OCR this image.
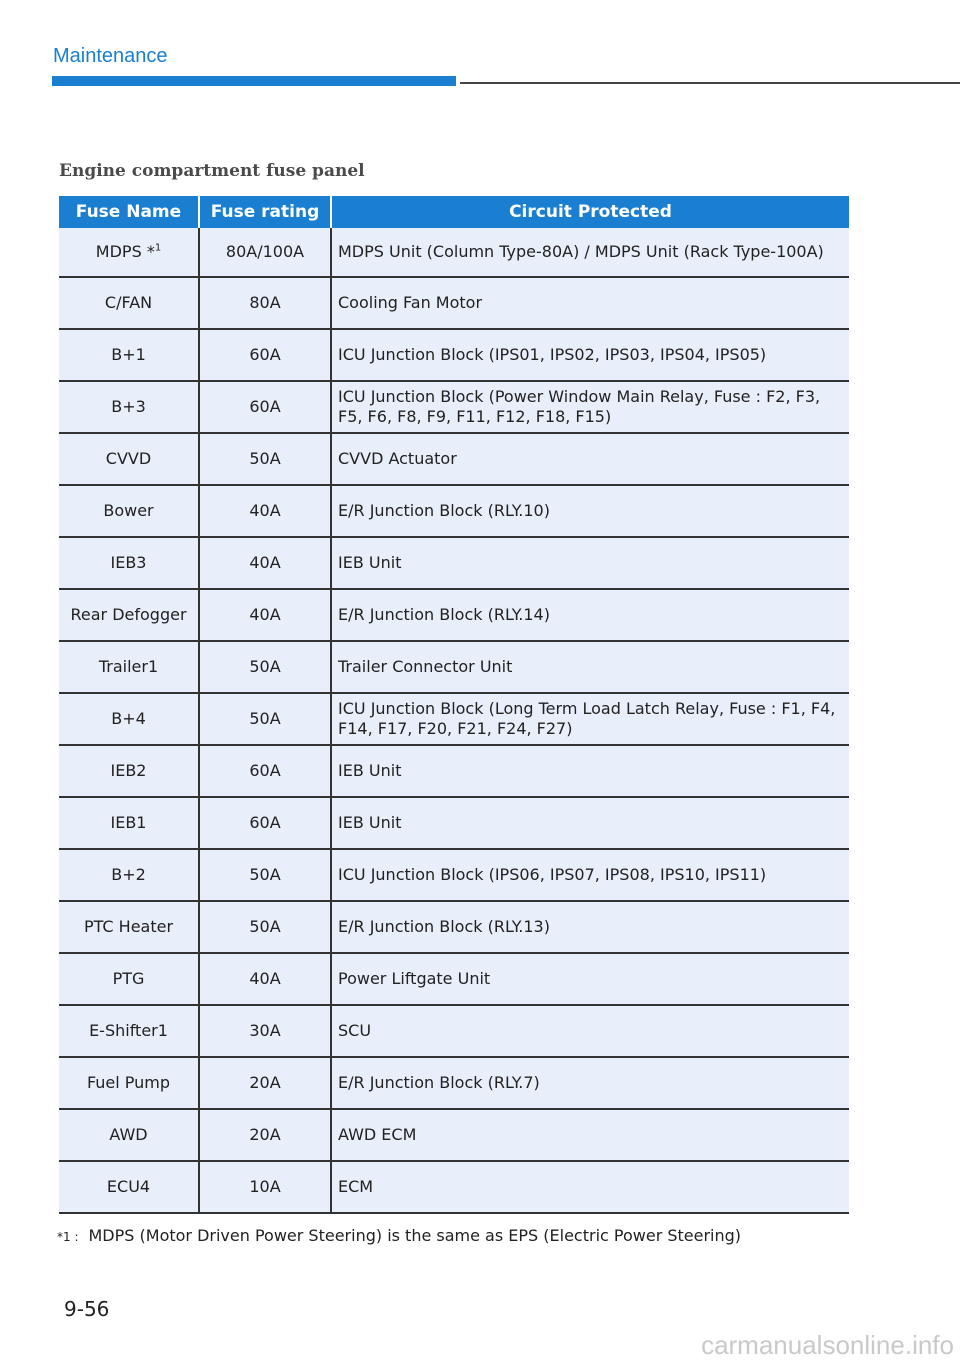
Maintenance
Engine compartment fuse panel
Fuse Name	Fuse rating	Circuit Protected
MDPS *$^1$	80A/100A	MDPS Unit (Column Type-80A) / MDPS Unit (Rack Type-100A)
C/FAN	80A	Cooling Fan Motor
B+1	60A	ICU Junction Block (IPS01, IPS02, IPS03, IPS04, IPS05)
B+3	60A	ICU Junction Block (Power Window Main Relay, Fuse : F2, F3, F5, F6, F8, F9, F11, F12, F18, F15)
CVVD	50A	CVVD Actuator
Bower	40A	E/R Junction Block (RLY.10)
IEB3	40A	IEB Unit
Rear Defogger	40A	E/R Junction Block (RLY.14)
Trailer1	50A	Trailer Connector Unit
B+4	50A	ICU Junction Block (Long Term Load Latch Relay, Fuse : F1, F4, F14, F17, F20, F21, F24, F27)
IEB2	60A	IEB Unit
IEB1	60A	IEB Unit
B+2	50A	ICU Junction Block (IPS06, IPS07, IPS08, IPS10, IPS11)
PTC Heater	50A	E/R Junction Block (RLY.13)
PTG	40A	Power Liftgate Unit
E-Shifter1	30A	SCU
Fuel Pump	20A	E/R Junction Block (RLY.7)
AWD	20A	AWD ECM
ECU4	10A	ECM
*1 : MDPS (Motor Driven Power Steering) is the same as EPS (Electric Power Steering)
9-56
carmanualsonline.info
